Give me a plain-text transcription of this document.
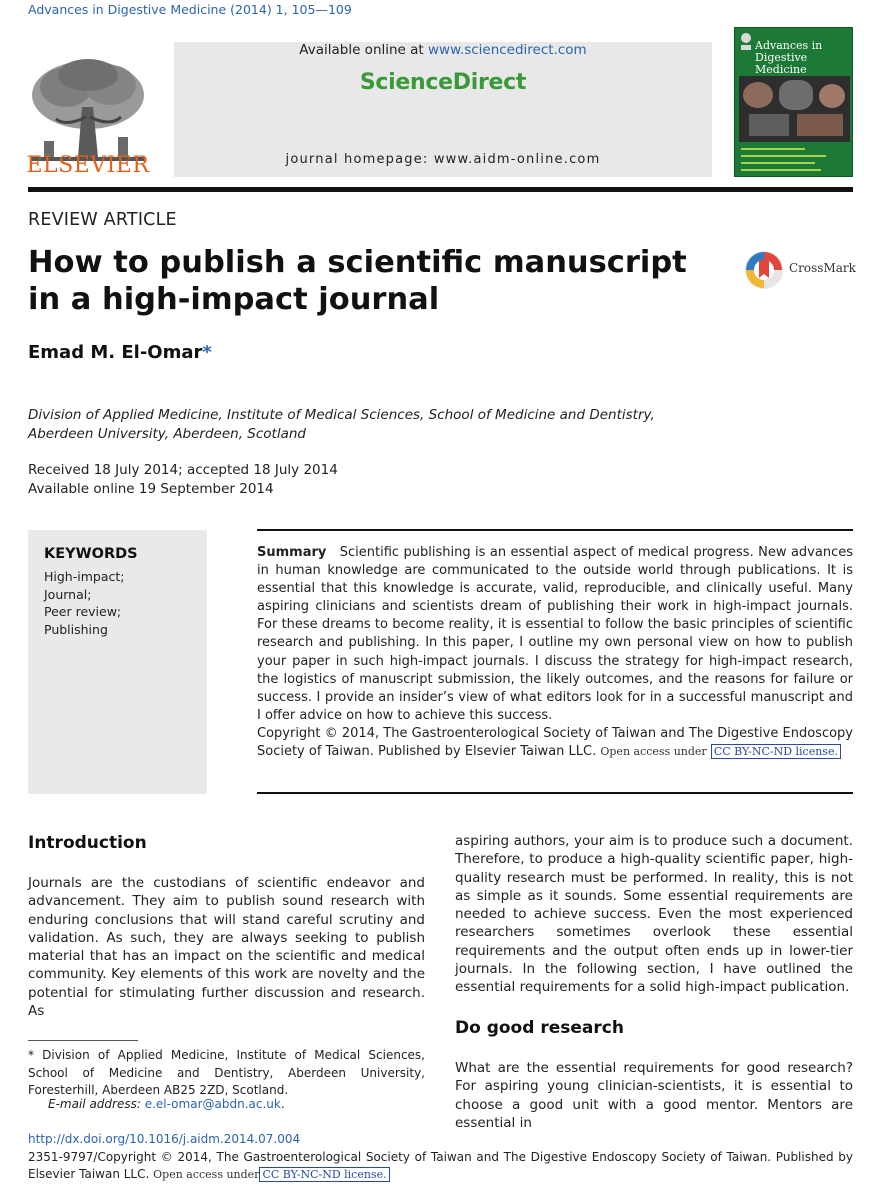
Advances in Digestive Medicine (2014) 1, 105—109
ELSEVIER
Available online at www.sciencedirect.com
ScienceDirect
journal homepage: www.aidm-online.com
Advances in Digestive Medicine
REVIEW ARTICLE
How to publish a scientific manuscript
in a high-impact journal
CrossMark
Emad M. El-Omar*
Division of Applied Medicine, Institute of Medical Sciences, School of Medicine and Dentistry,
Aberdeen University, Aberdeen, Scotland
Received 18 July 2014; accepted 18 July 2014
Available online 19 September 2014
KEYWORDS
High-impact;
Journal;
Peer review;
Publishing
Summary Scientific publishing is an essential aspect of medical progress. New advances in human knowledge are communicated to the outside world through publications. It is essential that this knowledge is accurate, valid, reproducible, and clinically useful. Many aspiring clinicians and scientists dream of publishing their work in high-impact journals. For these dreams to become reality, it is essential to follow the basic principles of scientific research and publishing. In this paper, I outline my own personal view on how to publish your paper in such high-impact journals. I discuss the strategy for high-impact research, the logistics of manuscript submission, the likely outcomes, and the reasons for failure or success. I provide an insider’s view of what editors look for in a successful manuscript and I offer advice on how to achieve this success.
Copyright © 2014, The Gastroenterological Society of Taiwan and The Digestive Endoscopy Society of Taiwan. Published by Elsevier Taiwan LLC. Open access under CC BY-NC-ND license.
Introduction
Journals are the custodians of scientific endeavor and advancement. They aim to publish sound research with enduring conclusions that will stand careful scrutiny and validation. As such, they are always seeking to publish material that has an impact on the scientific and medical community. Key elements of this work are novelty and the potential for stimulating further discussion and research. As
aspiring authors, your aim is to produce such a document. Therefore, to produce a high-quality scientific paper, high-quality research must be performed. In reality, this is not as simple as it sounds. Some essential requirements are needed to achieve success. Even the most experienced researchers sometimes overlook these essential requirements and the output often ends up in lower-tier journals. In the following section, I have outlined the essential requirements for a solid high-impact publication.
Do good research
What are the essential requirements for good research? For aspiring young clinician-scientists, it is essential to choose a good unit with a good mentor. Mentors are essential in
* Division of Applied Medicine, Institute of Medical Sciences, School of Medicine and Dentistry, Aberdeen University, Foresterhill, Aberdeen AB25 2ZD, Scotland.
E-mail address: e.el-omar@abdn.ac.uk.
http://dx.doi.org/10.1016/j.aidm.2014.07.004
2351-9797/Copyright © 2014, The Gastroenterological Society of Taiwan and The Digestive Endoscopy Society of Taiwan. Published by Elsevier Taiwan LLC. Open access under CC BY-NC-ND license.
